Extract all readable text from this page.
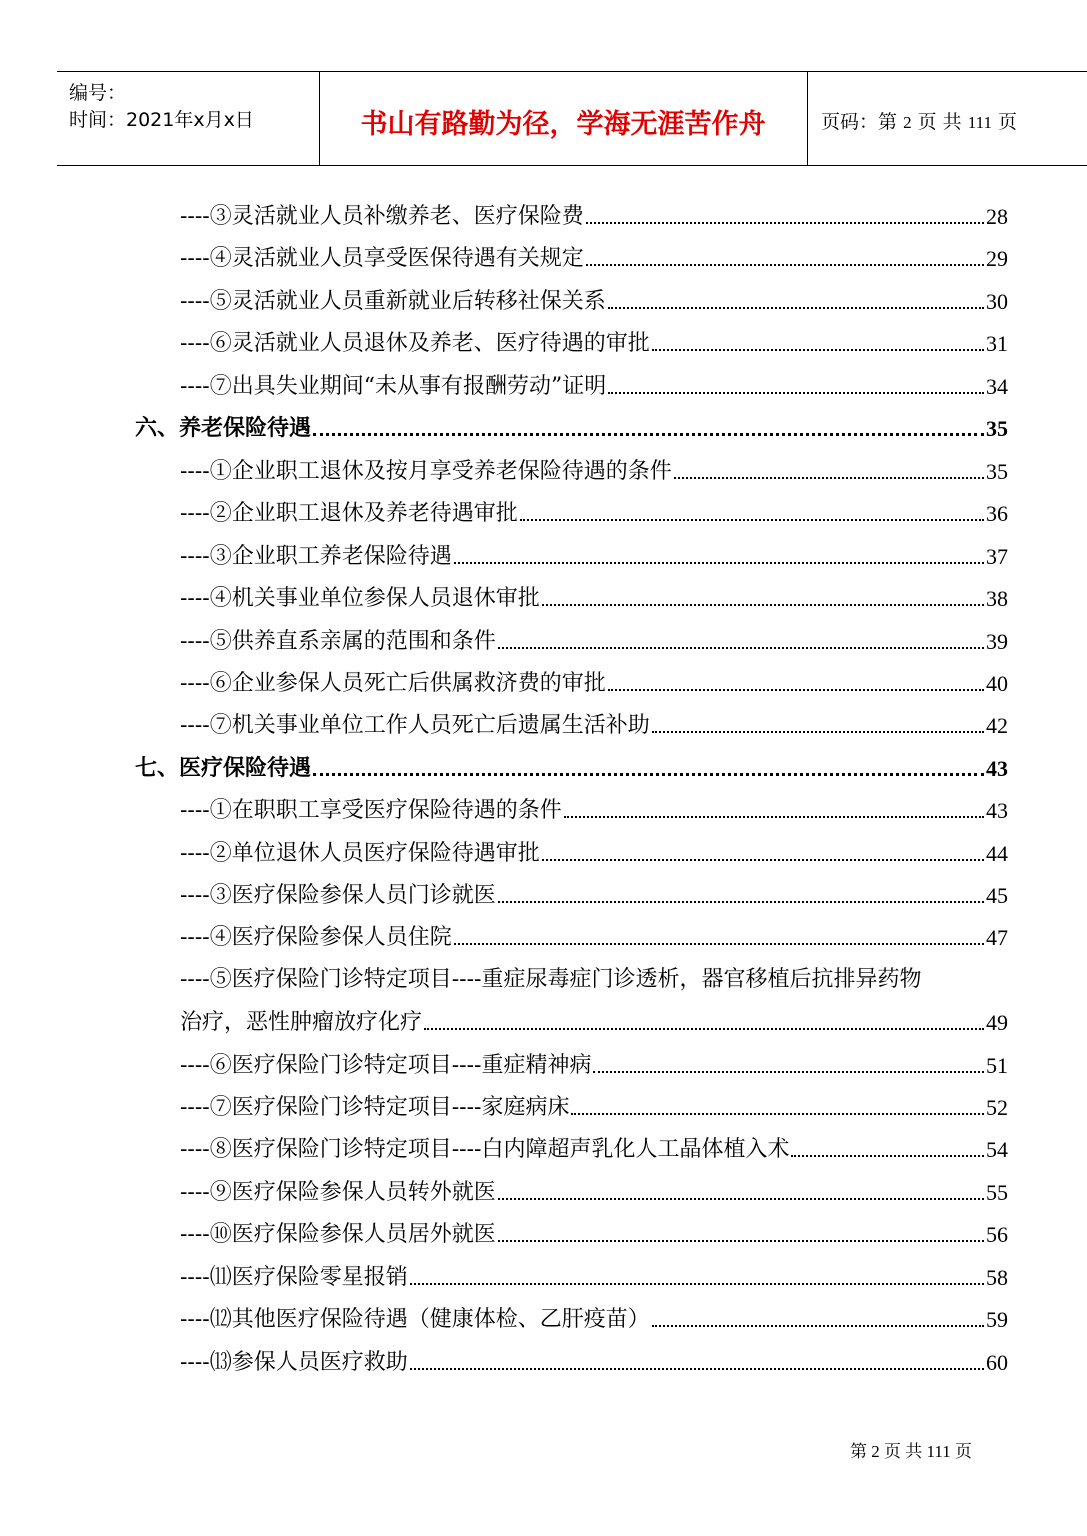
编号：
时间：2021年x月x日	书山有路勤为径，学海无涯苦作舟	页码：第 2 页 共 111 页
----③灵活就业人员补缴养老、医疗保险费	28
----④灵活就业人员享受医保待遇有关规定	29
----⑤灵活就业人员重新就业后转移社保关系	30
----⑥灵活就业人员退休及养老、医疗待遇的审批	31
----⑦出具失业期间“未从事有报酬劳动”证明	34
六、养老保险待遇	35
----①企业职工退休及按月享受养老保险待遇的条件	35
----②企业职工退休及养老待遇审批	36
----③企业职工养老保险待遇	37
----④机关事业单位参保人员退休审批	38
----⑤供养直系亲属的范围和条件	39
----⑥企业参保人员死亡后供属救济费的审批	40
----⑦机关事业单位工作人员死亡后遗属生活补助	42
七、医疗保险待遇	43
----①在职职工享受医疗保险待遇的条件	43
----②单位退休人员医疗保险待遇审批	44
----③医疗保险参保人员门诊就医	45
----④医疗保险参保人员住院	47
----⑤医疗保险门诊特定项目----重症尿毒症门诊透析，器官移植后抗排异药物
治疗，恶性肿瘤放疗化疗	49
----⑥医疗保险门诊特定项目----重症精神病	51
----⑦医疗保险门诊特定项目----家庭病床	52
----⑧医疗保险门诊特定项目----白内障超声乳化人工晶体植入术	54
----⑨医疗保险参保人员转外就医	55
----⑩医疗保险参保人员居外就医	56
----⑾医疗保险零星报销	58
----⑿其他医疗保险待遇（健康体检、乙肝疫苗）	59
----⒀参保人员医疗救助	60
第 2 页 共 111 页
